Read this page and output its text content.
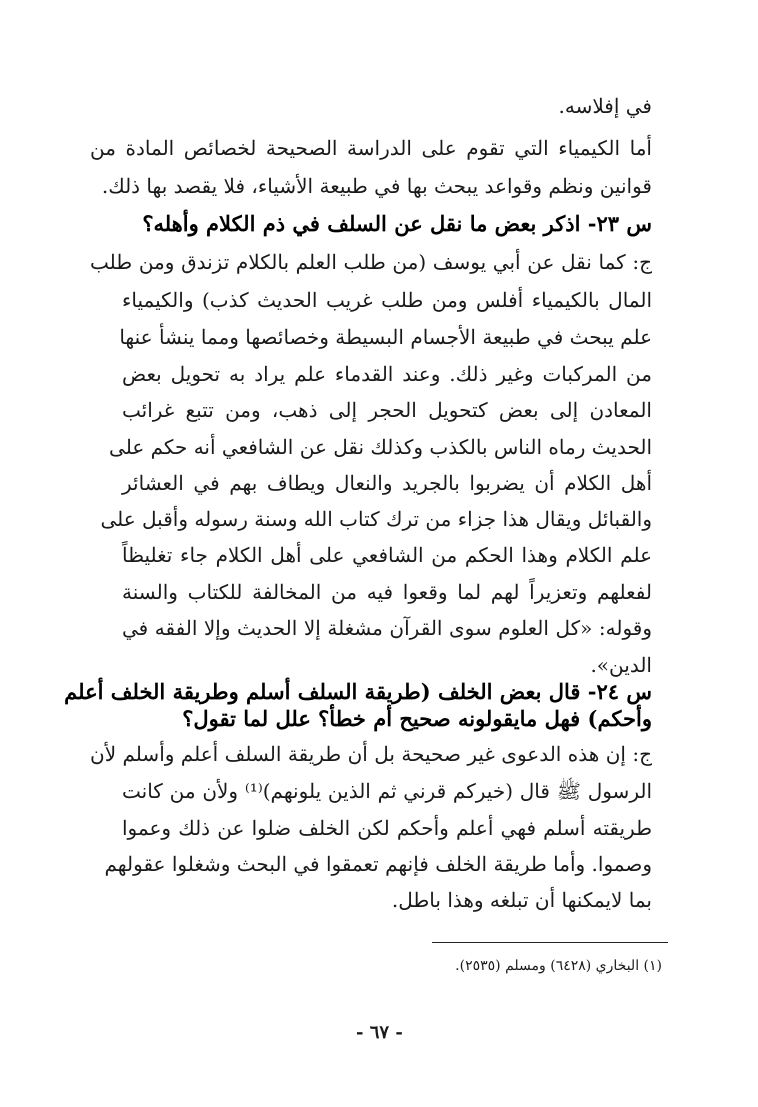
في إفلاسه.
أما الكيمياء التي تقوم على الدراسة الصحيحة لخصائص المادة من
قوانين ونظم وقواعد يبحث بها في طبيعة الأشياء، فلا يقصد بها ذلك.
س ٢٣- اذكر بعض ما نقل عن السلف في ذم الكلام وأهله؟
ج: كما نقل عن أبي يوسف (من طلب العلم بالكلام تزندق ومن طلب
المال بالكيمياء أفلس ومن طلب غريب الحديث كذب) والكيمياء
علم يبحث في طبيعة الأجسام البسيطة وخصائصها ومما ينشأ عنها
من المركبات وغير ذلك. وعند القدماء علم يراد به تحويل بعض
المعادن إلى بعض كتحويل الحجر إلى ذهب، ومن تتبع غرائب
الحديث رماه الناس بالكذب وكذلك نقل عن الشافعي أنه حكم على
أهل الكلام أن يضربوا بالجريد والنعال ويطاف بهم في العشائر
والقبائل ويقال هذا جزاء من ترك كتاب الله وسنة رسوله وأقبل على
علم الكلام وهذا الحكم من الشافعي على أهل الكلام جاء تغليظاً
لفعلهم وتعزيراً لهم لما وقعوا فيه من المخالفة للكتاب والسنة
وقوله: «كل العلوم سوى القرآن مشغلة إلا الحديث وإلا الفقه في
الدين».
س ٢٤- قال بعض الخلف (طريقة السلف أسلم وطريقة الخلف أعلم
وأحكم) فهل مايقولونه صحيح أم خطأ؟ علل لما تقول؟
ج: إن هذه الدعوى غير صحيحة بل أن طريقة السلف أعلم وأسلم لأن
الرسول ﷺ قال (خيركم قرني ثم الذين يلونهم)⁽¹⁾ ولأن من كانت
طريقته أسلم فهي أعلم وأحكم لكن الخلف ضلوا عن ذلك وعموا
وصموا. وأما طريقة الخلف فإنهم تعمقوا في البحث وشغلوا عقولهم
بما لايمكنها أن تبلغه وهذا باطل.
(١) البخاري (٦٤٢٨) ومسلم (٢٥٣٥).
- ٦٧ -
